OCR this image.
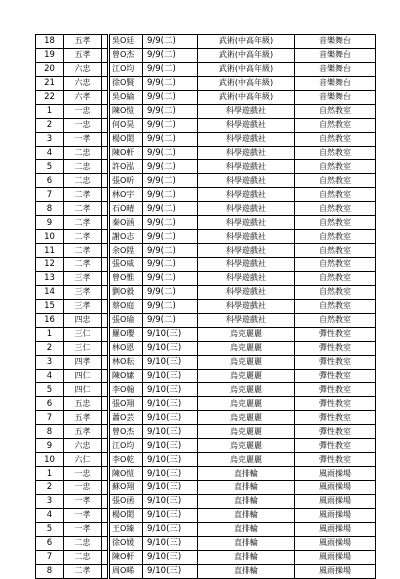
18	五孝		吳O廷	9/9(二)	武術(中高年級)	音樂舞台
19	五孝		曾O杰	9/9(二)	武術(中高年級)	音樂舞台
20	六忠		江O均	9/9(二)	武術(中高年級)	音樂舞台
21	六忠		徐O賢	9/9(二)	武術(中高年級)	音樂舞台
22	六孝		吳O綸	9/9(二)	武術(中高年級)	音樂舞台
1	一忠		陳O愷	9/9(二)	科學遊戲社	自然教室
2	一忠		何O昊	9/9(二)	科學遊戲社	自然教室
3	一孝		楊O閎	9/9(二)	科學遊戲社	自然教室
4	二忠		陳O軒	9/9(二)	科學遊戲社	自然教室
5	二忠		許O泓	9/9(二)	科學遊戲社	自然教室
6	二忠		張O昕	9/9(二)	科學遊戲社	自然教室
7	二孝		林O宇	9/9(二)	科學遊戲社	自然教室
8	二孝		石O晴	9/9(二)	科學遊戲社	自然教室
9	二孝		秦O涵	9/9(二)	科學遊戲社	自然教室
10	二孝		謝O志	9/9(二)	科學遊戲社	自然教室
11	二孝		余O陞	9/9(二)	科學遊戲社	自然教室
12	二孝		張O威	9/9(二)	科學遊戲社	自然教室
13	三孝		曾O惟	9/9(二)	科學遊戲社	自然教室
14	三孝		劉O毅	9/9(二)	科學遊戲社	自然教室
15	三孝		蔡O庭	9/9(二)	科學遊戲社	自然教室
16	四忠		張O瑜	9/9(二)	科學遊戲社	自然教室
1	三仁		羅O瓔	9/10(三)	烏克麗麗	彈性教室
2	三仁		林O恩	9/10(三)	烏克麗麗	彈性教室
3	四孝		林O耘	9/10(三)	烏克麗麗	彈性教室
4	四仁		陳O嫊	9/10(三)	烏克麗麗	彈性教室
5	四仁		李O翰	9/10(三)	烏克麗麗	彈性教室
6	五忠		張O翔	9/10(三)	烏克麗麗	彈性教室
7	五孝		蕭O芸	9/10(三)	烏克麗麗	彈性教室
8	五孝		曾O杰	9/10(三)	烏克麗麗	彈性教室
9	六忠		江O均	9/10(三)	烏克麗麗	彈性教室
10	六仁		李O乾	9/10(三)	烏克麗麗	彈性教室
1	一忠		陳O愷	9/10(三)	直排輪	風雨操場
2	一忠		蘇O翔	9/10(三)	直排輪	風雨操場
3	一孝		張O函	9/10(三)	直排輪	風雨操場
4	一孝		楊O閎	9/10(三)	直排輪	風雨操場
5	一孝		王O臻	9/10(三)	直排輪	風雨操場
6	二忠		徐O媛	9/10(三)	直排輪	風雨操場
7	二忠		陳O軒	9/10(三)	直排輪	風雨操場
8	二孝		周O晞	9/10(三)	直排輪	風雨操場
